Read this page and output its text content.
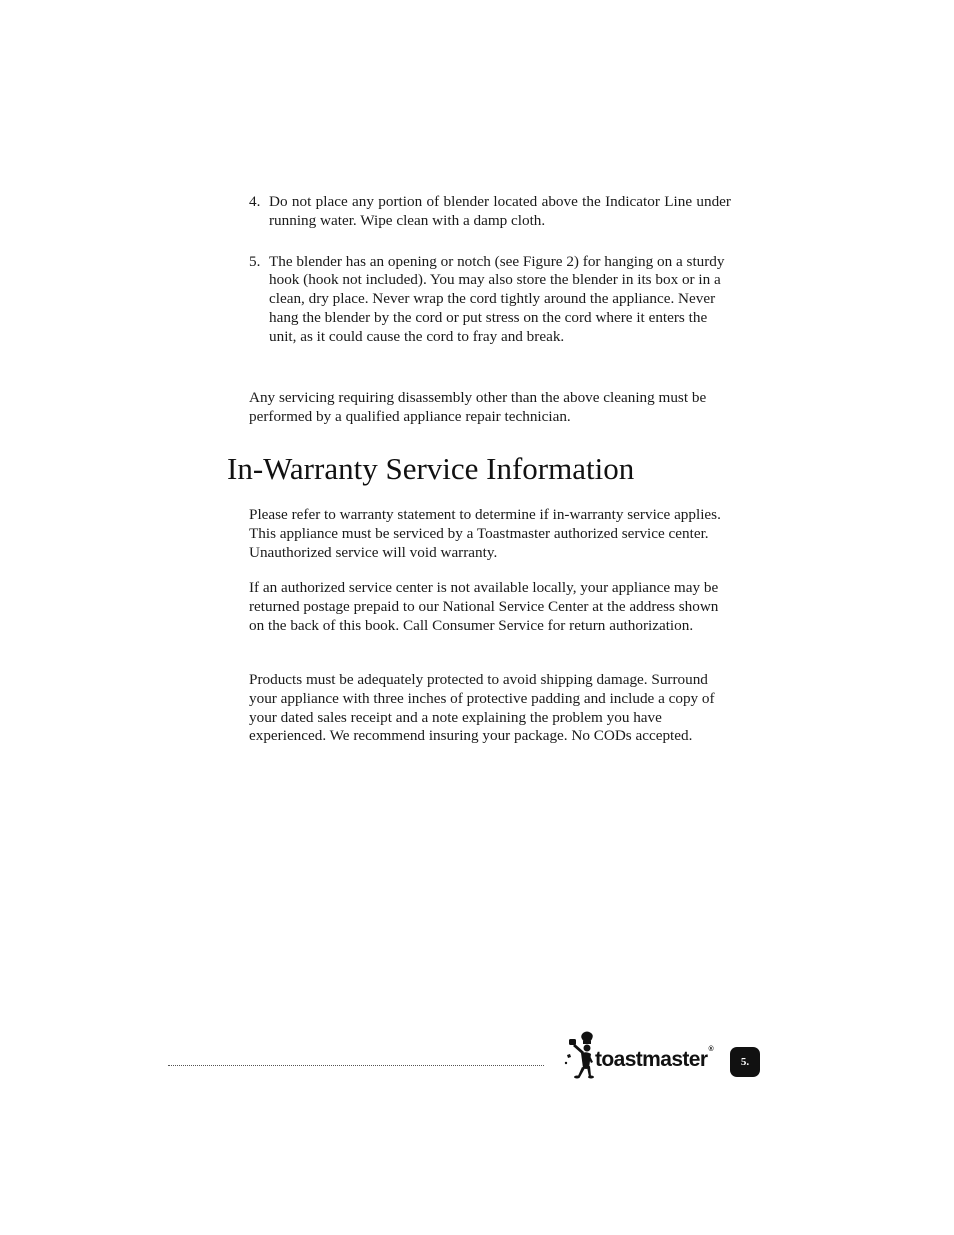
4. Do not place any portion of blender located above the Indicator Line under running water. Wipe clean with a damp cloth.
5. The blender has an opening or notch (see Figure 2) for hanging on a sturdy hook (hook not included). You may also store the blender in its box or in a clean, dry place. Never wrap the cord tightly around the appliance. Never hang the blender by the cord or put stress on the cord where it enters the unit, as it could cause the cord to fray and break.

Any servicing requiring disassembly other than the above cleaning must be performed by a qualified appliance repair technician.

In-Warranty Service Information

Please refer to warranty statement to determine if in-warranty service applies. This appliance must be serviced by a Toastmaster authorized service center. Unauthorized service will void warranty.

If an authorized service center is not available locally, your appliance may be returned postage prepaid to our National Service Center at the address shown on the back of this book. Call Consumer Service for return authorization.

Products must be adequately protected to avoid shipping damage. Surround your appliance with three inches of protective padding and include a copy of your dated sales receipt and a note explaining the problem you have experienced. We recommend insuring your package. No CODs accepted.

toastmaster®
5.
